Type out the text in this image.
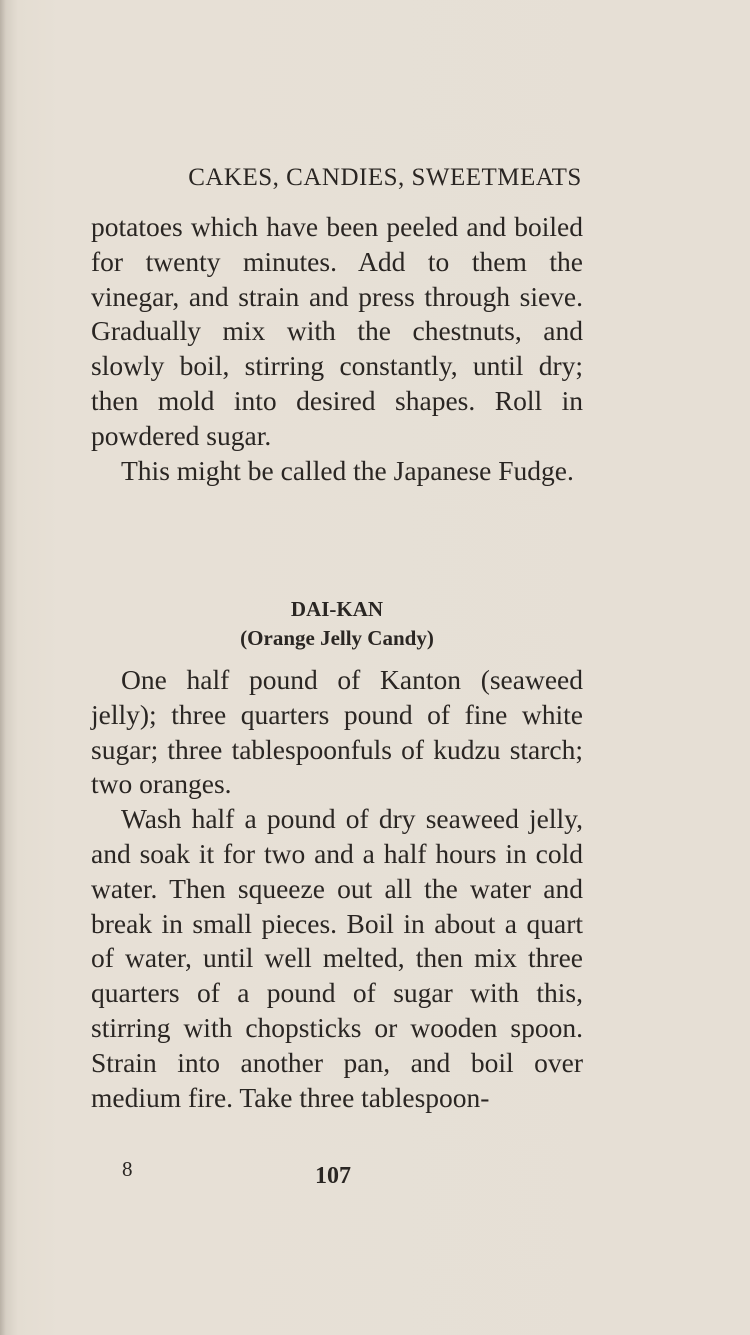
CAKES, CANDIES, SWEETMEATS

potatoes which have been peeled and boiled for twenty minutes. Add to them the vinegar, and strain and press through sieve. Gradually mix with the chestnuts, and slowly boil, stirring constantly, until dry; then mold into desired shapes. Roll in powdered sugar.

This might be called the Japanese Fudge.

DAI-KAN
(Orange Jelly Candy)

One half pound of Kanton (seaweed jelly); three quarters pound of fine white sugar; three tablespoonfuls of kudzu starch; two oranges.

Wash half a pound of dry seaweed jelly, and soak it for two and a half hours in cold water. Then squeeze out all the water and break in small pieces. Boil in about a quart of water, until well melted, then mix three quarters of a pound of sugar with this, stirring with chopsticks or wooden spoon. Strain into another pan, and boil over medium fire. Take three tablespoon-

8	107
